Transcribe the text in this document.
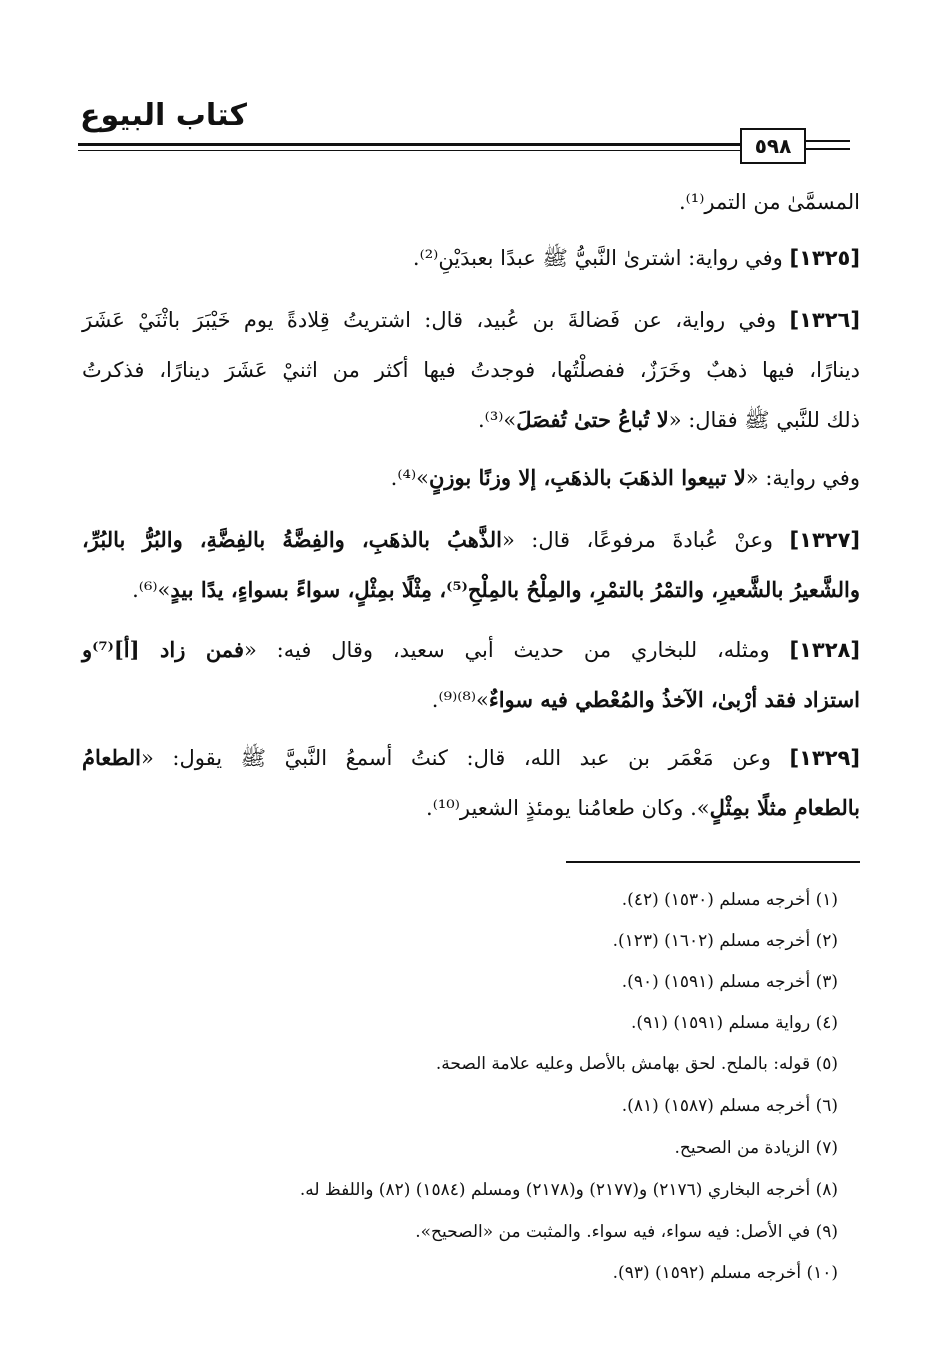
كتاب البيوع
٥٩٨
المسمَّىٰ من التمر⁽¹⁾.
[١٣٢٥] وفي رواية: اشترىٰ النَّبيُّ ﷺ عبدًا بعبدَيْنِ⁽²⁾.
[١٣٢٦] وفي رواية، عن فَضالةَ بن عُبيد، قال: اشتريتُ قِلادةً يوم خَيْبَرَ باثْنَيْ عَشَرَ
دينارًا، فيها ذهبٌ وخَرَزٌ، ففصلْتُها، فوجدتُ فيها أكثر من اثنيْ عَشَرَ دينارًا، فذكرتُ
ذلك للنَّبي ﷺ فقال: «لا تُباعُ حتىٰ تُفصَلَ»⁽³⁾.
وفي رواية: «لا تبيعوا الذهَبَ بالذهَبِ، إلا وزنًا بوزنٍ»⁽⁴⁾.
[١٣٢٧] وعنْ عُبادةَ مرفوعًا، قال: «الذَّهبُ بالذهَبِ، والفِضَّةُ بالفِضَّةِ، والبُرُّ بالبُرِّ،
والشَّعيرُ بالشَّعيرِ، والتمْرُ بالتمْرِ، والمِلْحُ بالمِلْحِ⁽⁵⁾، مِثْلًا بمِثْلٍ، سواءً بسواءٍ، يدًا بيدٍ»⁽⁶⁾.
[١٣٢٨] ومثله، للبخاري من حديث أبي سعيد، وقال فيه: «فمن زاد [أ]⁽⁷⁾و
استزاد فقد أرْبىٰ، الآخذُ والمُعْطي فيه سواءٌ»⁽⁸⁾⁽⁹⁾.
[١٣٢٩] وعن مَعْمَر بن عبد الله، قال: كنتُ أسمعُ النَّبيَّ ﷺ يقول: «الطعامُ
بالطعامِ مثلًا بمِثْلٍ». وكان طعامُنا يومئذٍ الشعير⁽¹⁰⁾.
(١) أخرجه مسلم (١٥٣٠) (٤٢).
(٢) أخرجه مسلم (١٦٠٢) (١٢٣).
(٣) أخرجه مسلم (١٥٩١) (٩٠).
(٤) رواية مسلم (١٥٩١) (٩١).
(٥) قوله: بالملح. لحق بهامش بالأصل وعليه علامة الصحة.
(٦) أخرجه مسلم (١٥٨٧) (٨١).
(٧) الزيادة من الصحيح.
(٨) أخرجه البخاري (٢١٧٦) و(٢١٧٧) و(٢١٧٨) ومسلم (١٥٨٤) (٨٢) واللفظ له.
(٩) في الأصل: فيه سواء، فيه سواء. والمثبت من «الصحيح».
(١٠) أخرجه مسلم (١٥٩٢) (٩٣).
